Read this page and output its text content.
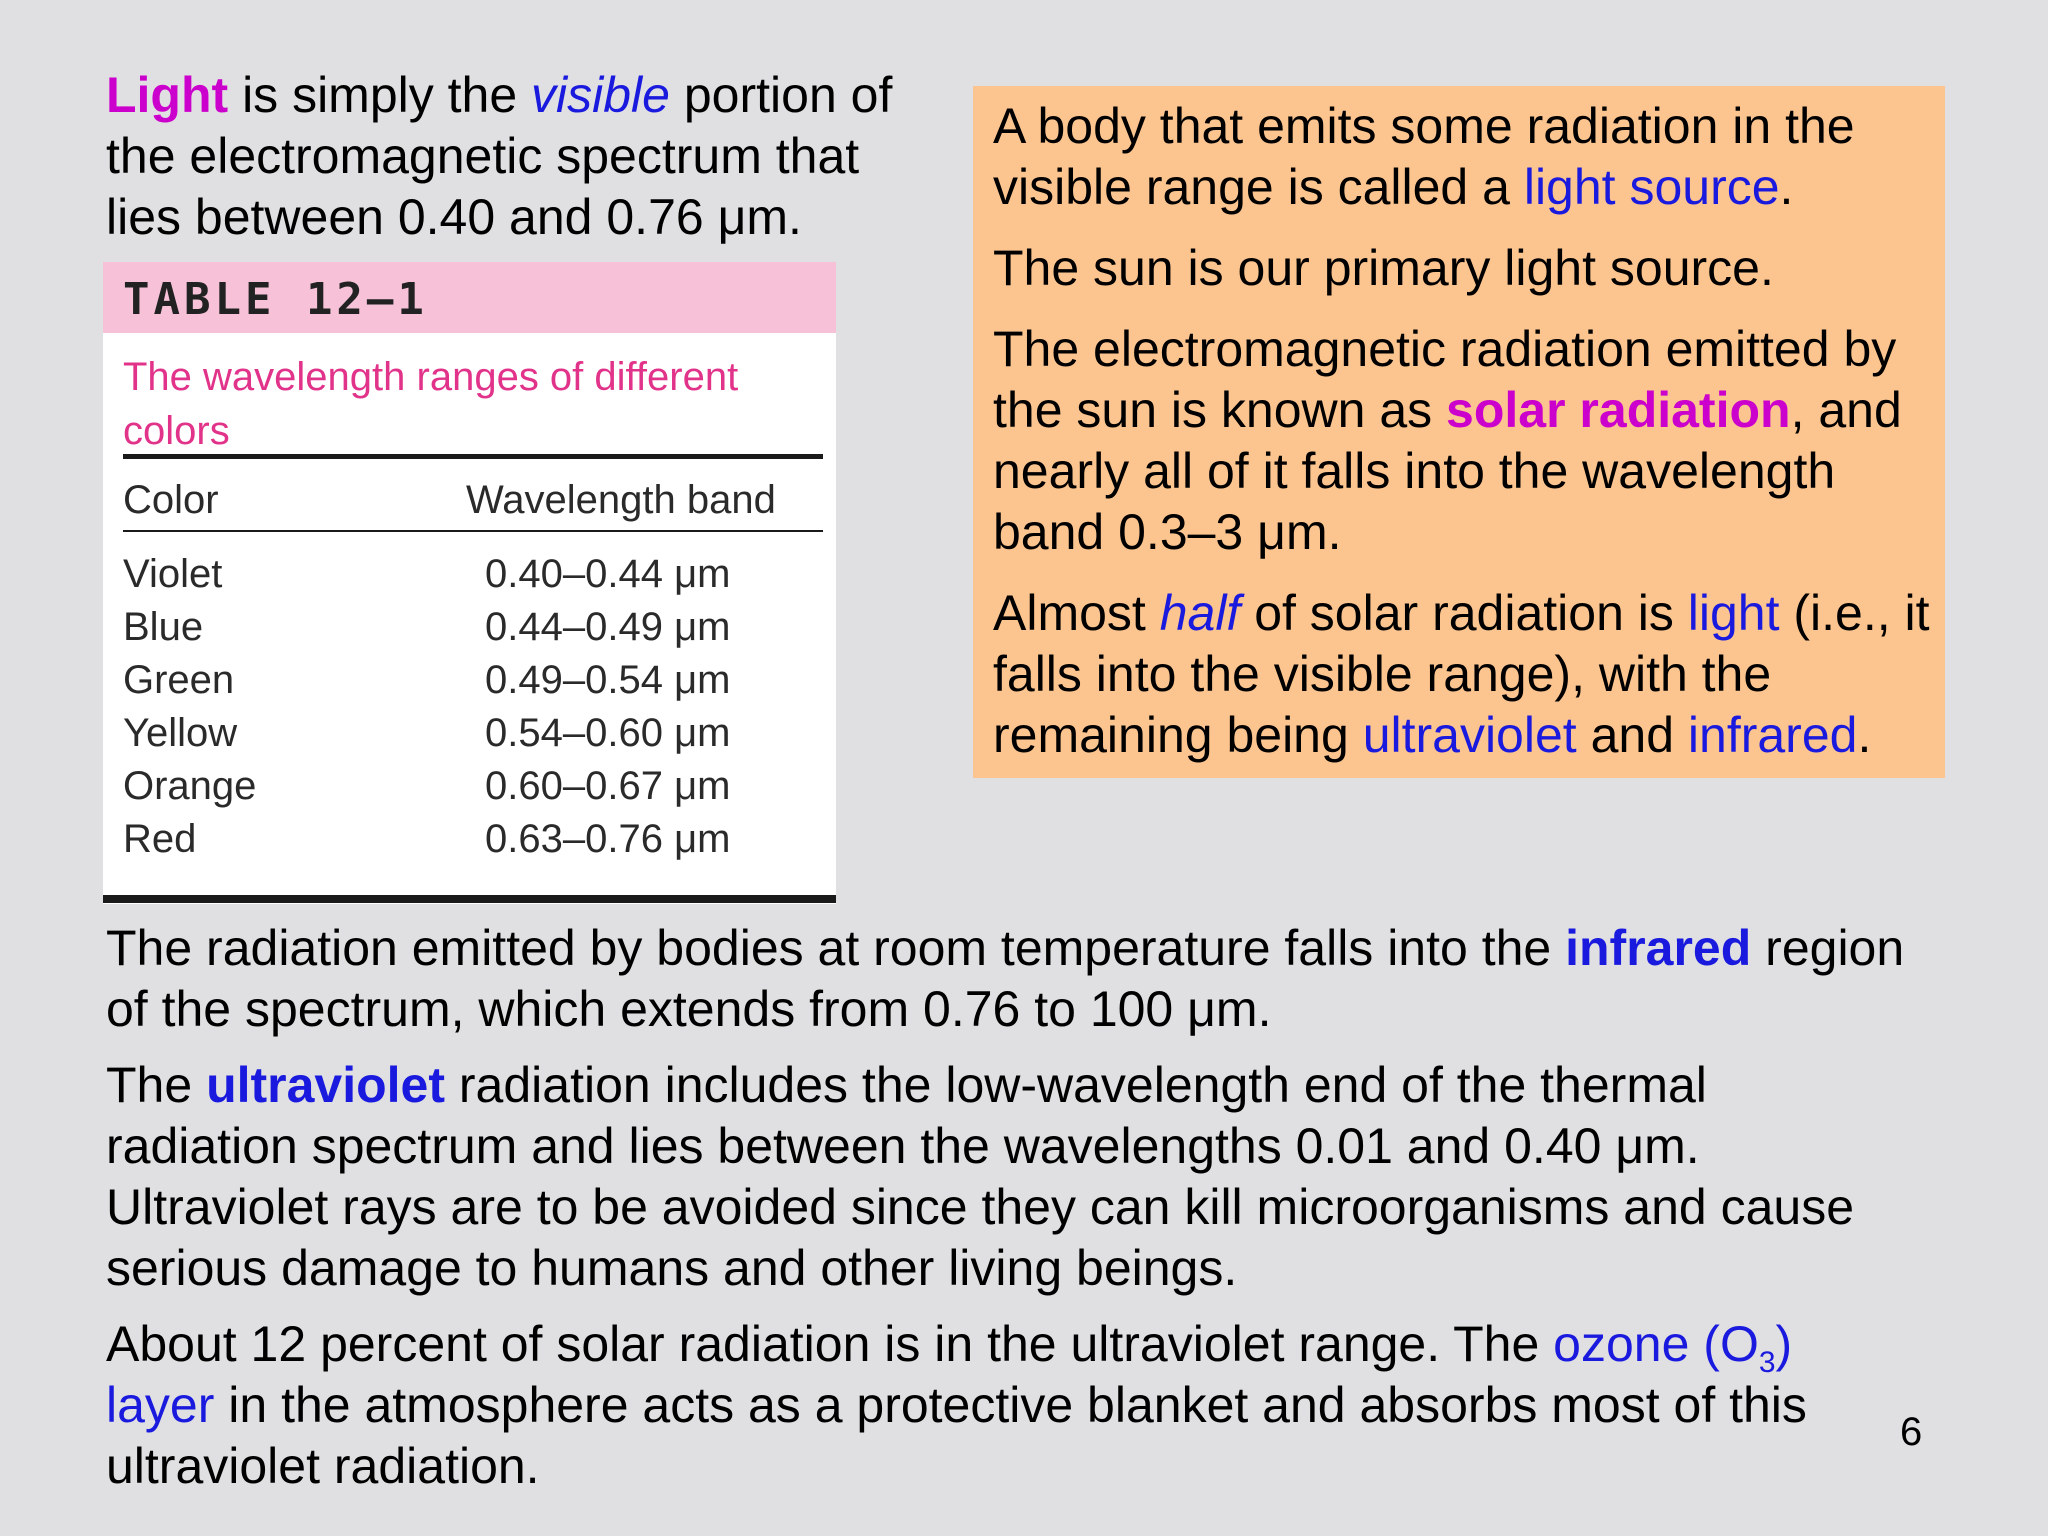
Light is simply the visible portion of the electromagnetic spectrum that lies between 0.40 and 0.76 μm.

TABLE 12–1
The wavelength ranges of different colors
Color	Wavelength band
Violet	0.40–0.44 μm
Blue	0.44–0.49 μm
Green	0.49–0.54 μm
Yellow	0.54–0.60 μm
Orange	0.60–0.67 μm
Red	0.63–0.76 μm
A body that emits some radiation in the visible range is called a light source.
The sun is our primary light source.
The electromagnetic radiation emitted by the sun is known as solar radiation, and nearly all of it falls into the wavelength band 0.3–3 μm.
Almost half of solar radiation is light (i.e., it falls into the visible range), with the remaining being ultraviolet and infrared.
The radiation emitted by bodies at room temperature falls into the infrared region of the spectrum, which extends from 0.76 to 100 μm.
The ultraviolet radiation includes the low-wavelength end of the thermal radiation spectrum and lies between the wavelengths 0.01 and 0.40 μm. Ultraviolet rays are to be avoided since they can kill microorganisms and cause serious damage to humans and other living beings.
About 12 percent of solar radiation is in the ultraviolet range. The ozone $(O_3)$ layer in the atmosphere acts as a protective blanket and absorbs most of this ultraviolet radiation.
6
